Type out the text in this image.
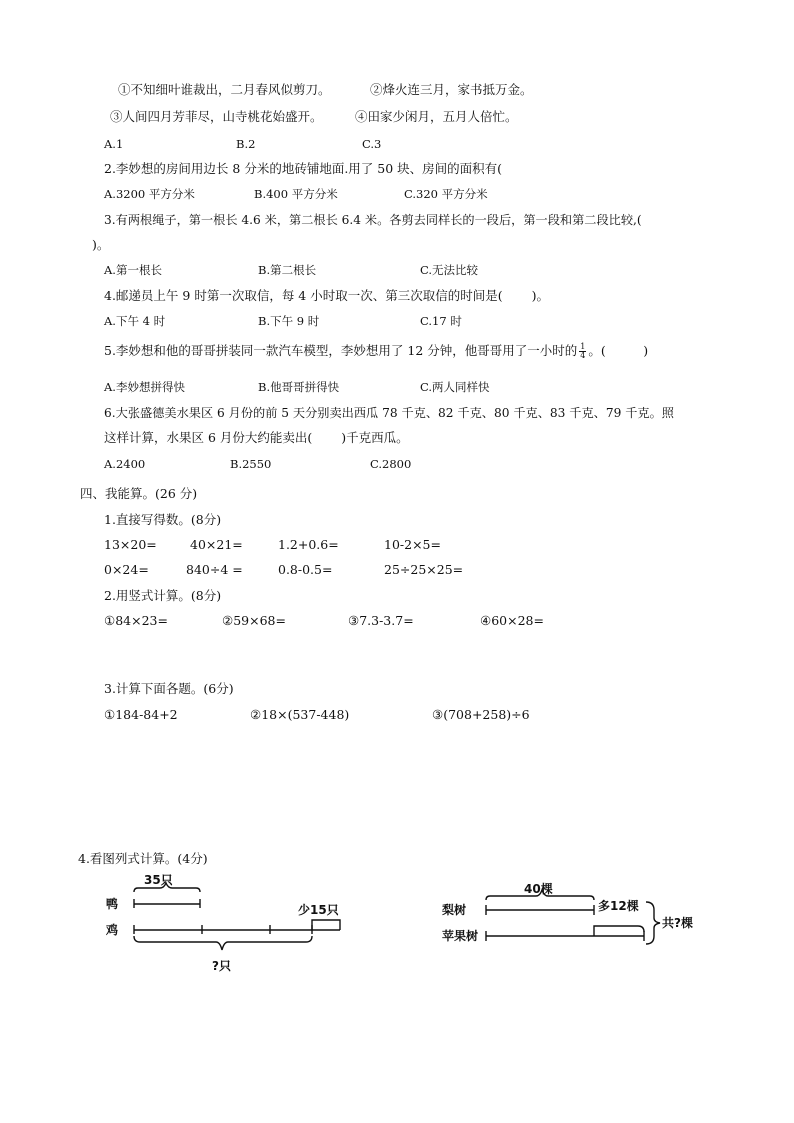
①不知细叶谁裁出，二月春风似剪刀。	②烽火连三月，家书抵万金。
③人间四月芳菲尽，山寺桃花始盛开。	④田家少闲月，五月人倍忙。
A.1	B.2	C.3
2.李妙想的房间用边长 8 分米的地砖铺地面.用了 50 块、房间的面积有(
A.3200 平方分米	B.400 平方分米	C.320 平方分米
3.有两根绳子，第一根长 4.6 米，第二根长 6.4 米。各剪去同样长的一段后，第一段和第二段比较,(
)。
A.第一根长	B.第二根长	C.无法比较
4.邮递员上午 9 时第一次取信，每 4 小时取一次、第三次取信的时间是(　　 )。
A.下午 4 时	B.下午 9 时	C.17 时
5.李妙想和他的哥哥拼装同一款汽车模型，李妙想用了 12 分钟，他哥哥用了一小时的 $\frac{1}{4}$ 。(　　　)
A.李妙想拼得快	B.他哥哥拼得快	C.两人同样快
6.大张盛德美水果区 6 月份的前 5 天分别卖出西瓜 78 千克、82 千克、80 千克、83 千克、79 千克。照
这样计算，水果区 6 月份大约能卖出(　　 )千克西瓜。
A.2400	B.2550	C.2800
四、我能算。(26 分)
1.直接写得数。(8分)
13×20=	40×21=	1.2+0.6=	10-2×5=
0×24=	840÷4 =	0.8-0.5=	25÷25×25=
2.用竖式计算。(8分)
①84×23=	②59×68=	③7.3-3.7=	④60×28=
3.计算下面各题。(6分)
①184-84+2	②18×(537-448)	③(708+258)÷6
4.看图列式计算。(4分)
35只
鸭	少15只
鸡
?只
40棵
梨树	多12棵
苹果树
共?棵
